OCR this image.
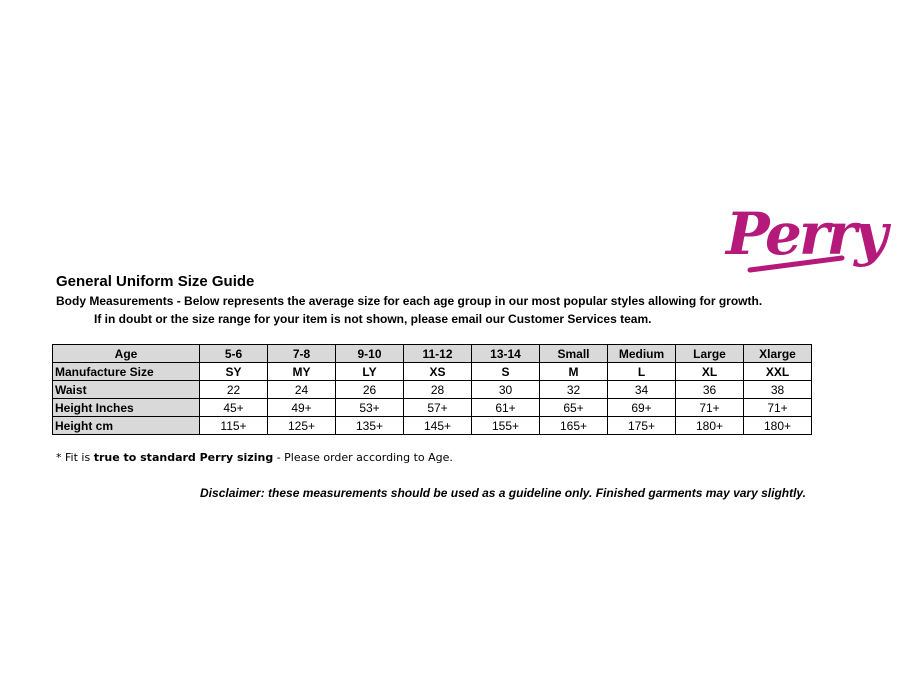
Perry
General Uniform Size Guide
Body Measurements - Below represents the average size for each age group in our most popular styles allowing for growth.
If in doubt or the size range for your item is not shown, please email our Customer Services team.
Age	5-6	7-8	9-10	11-12	13-14	Small	Medium	Large	Xlarge
Manufacture Size	SY	MY	LY	XS	S	M	L	XL	XXL
Waist	22	24	26	28	30	32	34	36	38
Height Inches	45+	49+	53+	57+	61+	65+	69+	71+	71+
Height cm	115+	125+	135+	145+	155+	165+	175+	180+	180+
* Fit is true to standard Perry sizing - Please order according to Age.
Disclaimer: these measurements should be used as a guideline only. Finished garments may vary slightly.
